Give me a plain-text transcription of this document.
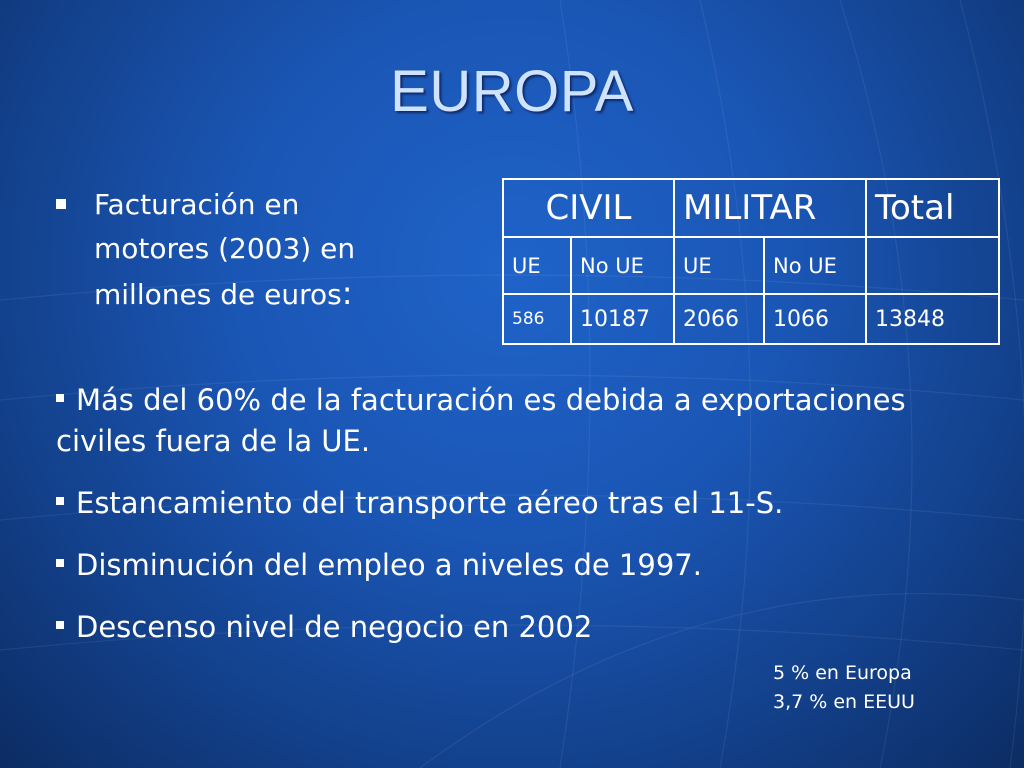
EUROPA
Facturación en
motores (2003) en
millones de euros:
CIVIL		MILITAR		Total
UE	No UE	UE	No UE	
586	10187	2066	1066	13848
Más del 60% de la facturación es debida a exportaciones civiles fuera de la UE.
Estancamiento del transporte aéreo tras el 11-S.
Disminución del empleo a niveles de 1997.
Descenso nivel de negocio en 2002
5 % en Europa
3,7 % en EEUU
